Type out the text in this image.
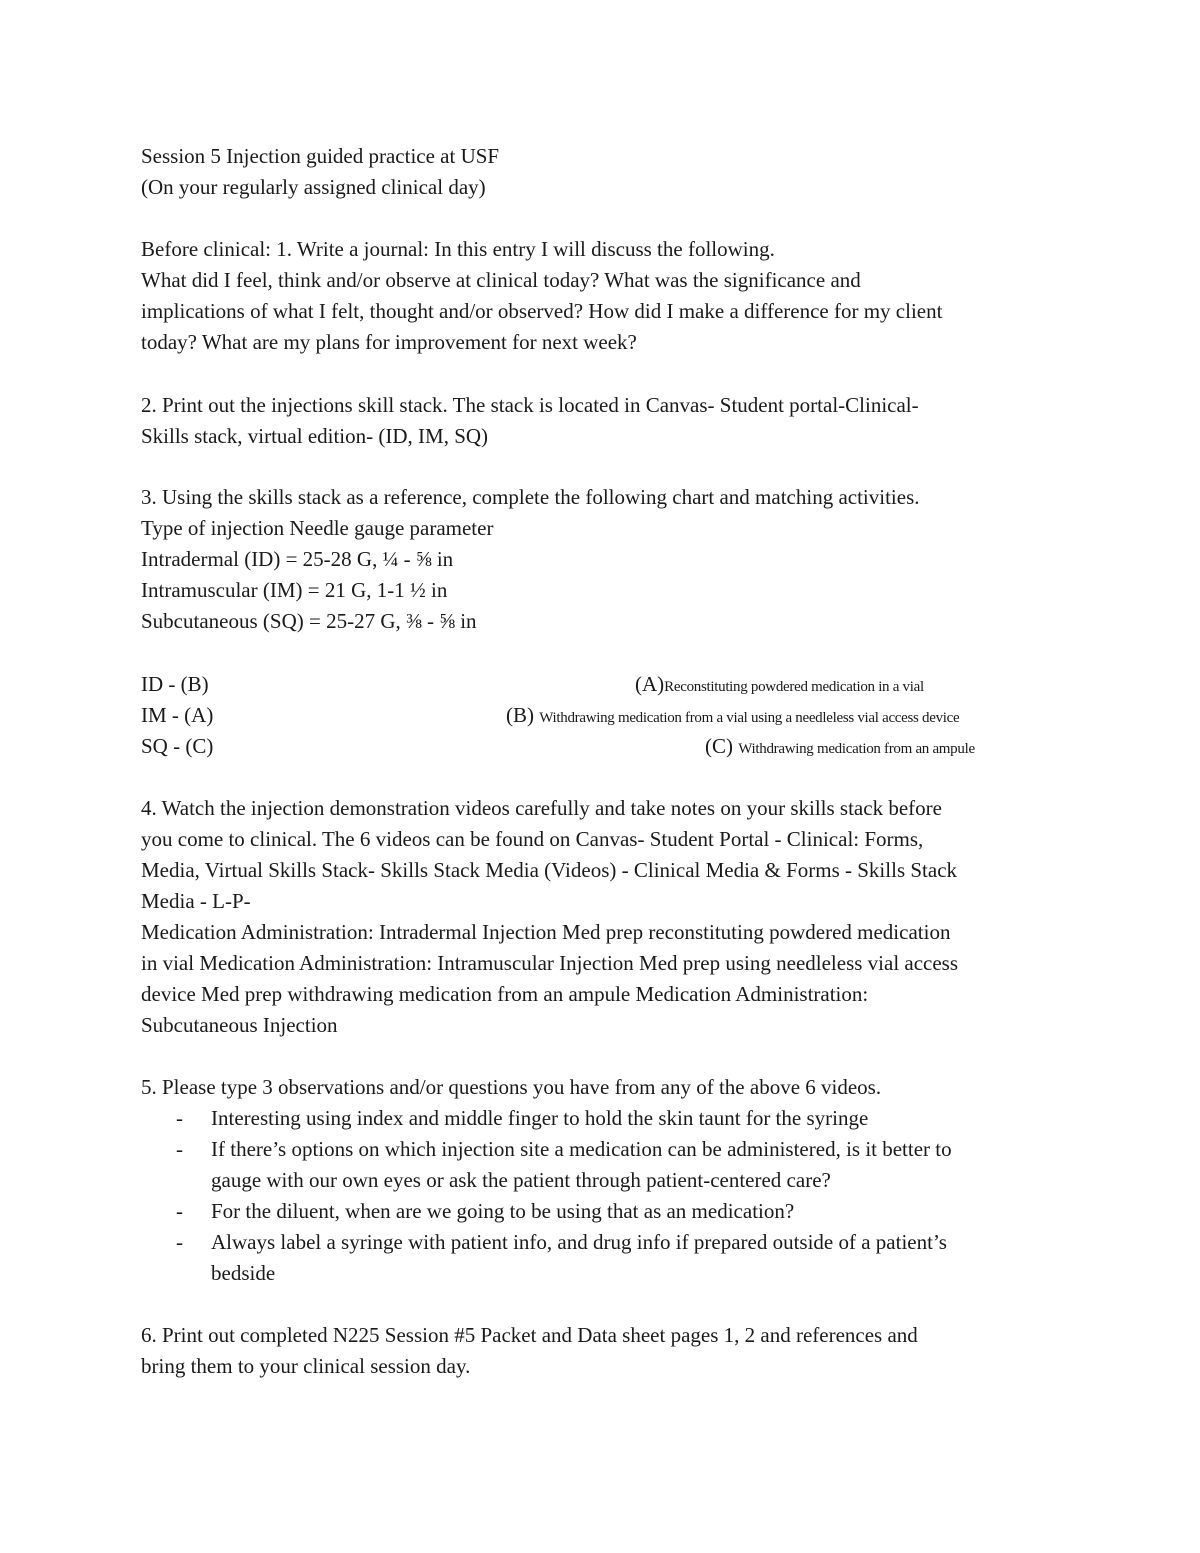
Session 5 Injection guided practice at USF
(On your regularly assigned clinical day)
Before clinical: 1. Write a journal: In this entry I will discuss the following.
What did I feel, think and/or observe at clinical today? What was the significance and
implications of what I felt, thought and/or observed? How did I make a difference for my client
today? What are my plans for improvement for next week?
2. Print out the injections skill stack. The stack is located in Canvas- Student portal-Clinical-
Skills stack, virtual edition- (ID, IM, SQ)
3. Using the skills stack as a reference, complete the following chart and matching activities.
Type of injection Needle gauge parameter
Intradermal (ID) = 25-28 G, ¼ - ⅝ in
Intramuscular (IM) = 21 G, 1-1 ½ in
Subcutaneous (SQ) = 25-27 G, ⅜ - ⅝ in
ID - (B)
IM - (A)
SQ - (C)
(A)Reconstituting powdered medication in a vial
(B) Withdrawing medication from a vial using a needleless vial access device
(C) Withdrawing medication from an ampule
4. Watch the injection demonstration videos carefully and take notes on your skills stack before
you come to clinical. The 6 videos can be found on Canvas- Student Portal - Clinical: Forms,
Media, Virtual Skills Stack- Skills Stack Media (Videos) - Clinical Media & Forms - Skills Stack
Media - L-P-
Medication Administration: Intradermal Injection Med prep reconstituting powdered medication
in vial Medication Administration: Intramuscular Injection Med prep using needleless vial access
device Med prep withdrawing medication from an ampule Medication Administration:
Subcutaneous Injection
5. Please type 3 observations and/or questions you have from any of the above 6 videos.
- Interesting using index and middle finger to hold the skin taunt for the syringe
- If there’s options on which injection site a medication can be administered, is it better to
gauge with our own eyes or ask the patient through patient-centered care?
- For the diluent, when are we going to be using that as an medication?
- Always label a syringe with patient info, and drug info if prepared outside of a patient’s
bedside
6. Print out completed N225 Session #5 Packet and Data sheet pages 1, 2 and references and
bring them to your clinical session day.
